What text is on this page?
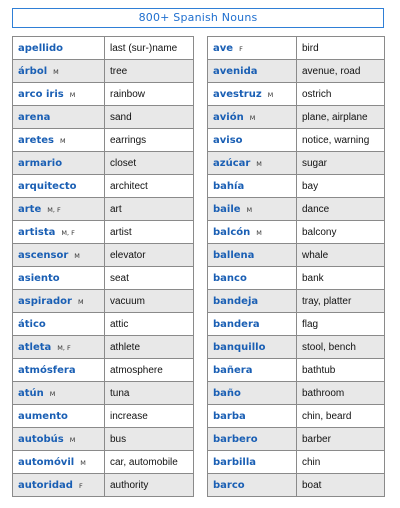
800+ Spanish Nouns
apellido	last (sur-)name
árbol M	tree
arco iris M	rainbow
arena	sand
aretes M	earrings
armario	closet
arquitecto	architect
arte M, F	art
artista M, F	artist
ascensor M	elevator
asiento	seat
aspirador M	vacuum
ático	attic
atleta M, F	athlete
atmósfera	atmosphere
atún M	tuna
aumento	increase
autobús M	bus
automóvil M	car, automobile
autoridad F	authority
ave F	bird
avenida	avenue, road
avestruz M	ostrich
avión M	plane, airplane
aviso	notice, warning
azúcar M	sugar
bahía	bay
baile M	dance
balcón M	balcony
ballena	whale
banco	bank
bandeja	tray, platter
bandera	flag
banquillo	stool, bench
bañera	bathtub
baño	bathroom
barba	chin, beard
barbero	barber
barbilla	chin
barco	boat
